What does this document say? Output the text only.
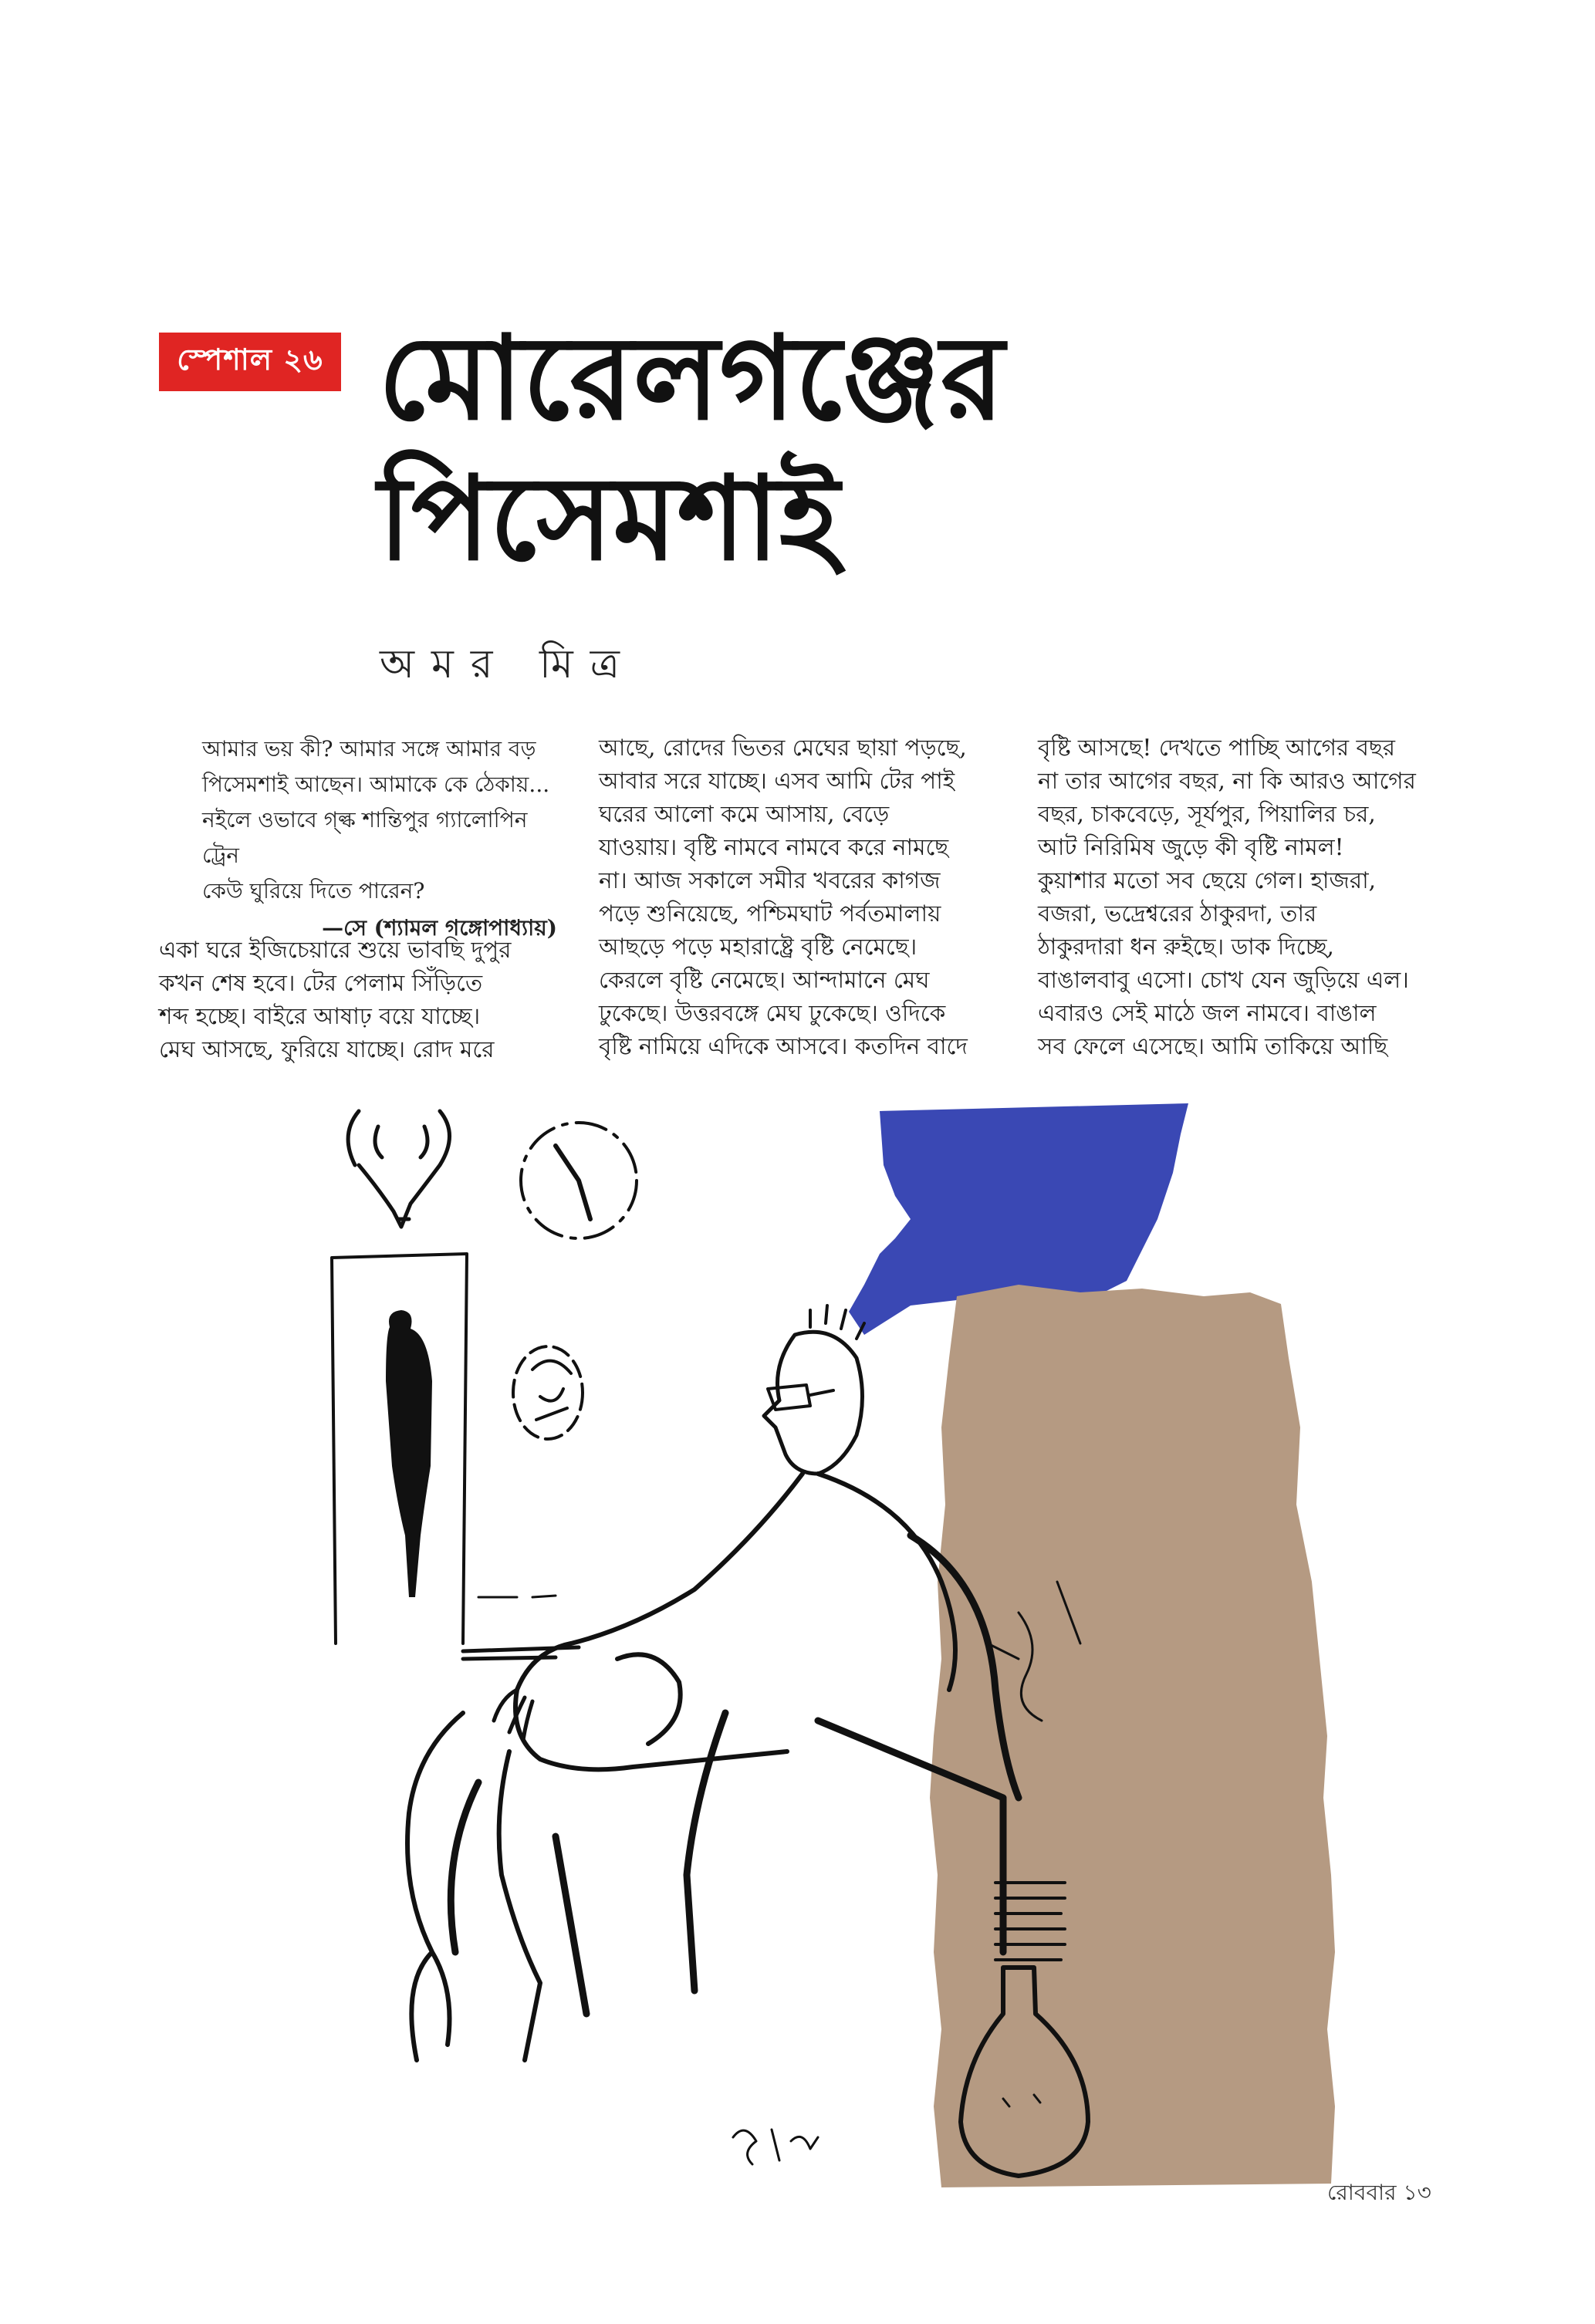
স্পেশাল ২৬ মোরেলগঞ্জের
পিসেমশাই
অমর মিত্র

আমার ভয় কী? আমার সঙ্গে আমার বড়

পিসেমশাই আছেন। আমাকে কে ঠেকায়...

নইলে ওভাবে গ্ল্ক শান্তিপুর গ্যালোপিন ট্রেন

কেউ ঘুরিয়ে দিতে পারেন?

—সে (শ্যামল গঙ্গোপাধ্যায়)

একা ঘরে ইজিচেয়ারে শুয়ে ভাবছি দুপুর

কখন শেষ হবে। টের পেলাম সিঁড়িতে

শব্দ হচ্ছে। বাইরে আষাঢ় বয়ে যাচ্ছে।

মেঘ আসছে, ফুরিয়ে যাচ্ছে। রোদ মরে

আছে, রোদের ভিতর মেঘের ছায়া পড়ছে,

আবার সরে যাচ্ছে। এসব আমি টের পাই

ঘরের আলো কমে আসায়, বেড়ে

যাওয়ায়। বৃষ্টি নামবে নামবে করে নামছে

না। আজ সকালে সমীর খবরের কাগজ

পড়ে শুনিয়েছে, পশ্চিমঘাট পর্বতমালায়

আছড়ে পড়ে মহারাষ্ট্রে বৃষ্টি নেমেছে।

কেরলে বৃষ্টি নেমেছে। আন্দামানে মেঘ

ঢুকেছে। উত্তরবঙ্গে মেঘ ঢুকেছে। ওদিকে

বৃষ্টি নামিয়ে এদিকে আসবে। কতদিন বাদে

বৃষ্টি আসছে! দেখতে পাচ্ছি আগের বছর

না তার আগের বছর, না কি আরও আগের

বছর, চাকবেড়ে, সূর্যপুর, পিয়ালির চর,

আট নিরিমিষ জুড়ে কী বৃষ্টি নামল!

কুয়াশার মতো সব ছেয়ে গেল। হাজরা,

বজরা, ভদ্রেশ্বরের ঠাকুরদা, তার

ঠাকুরদারা ধন রুইছে। ডাক দিচ্ছে,

বাঙালবাবু এসো। চোখ যেন জুড়িয়ে এল।

এবারও সেই মাঠে জল নামবে। বাঙাল

সব ফেলে এসেছে। আমি তাকিয়ে আছি

রোববার ১৩
